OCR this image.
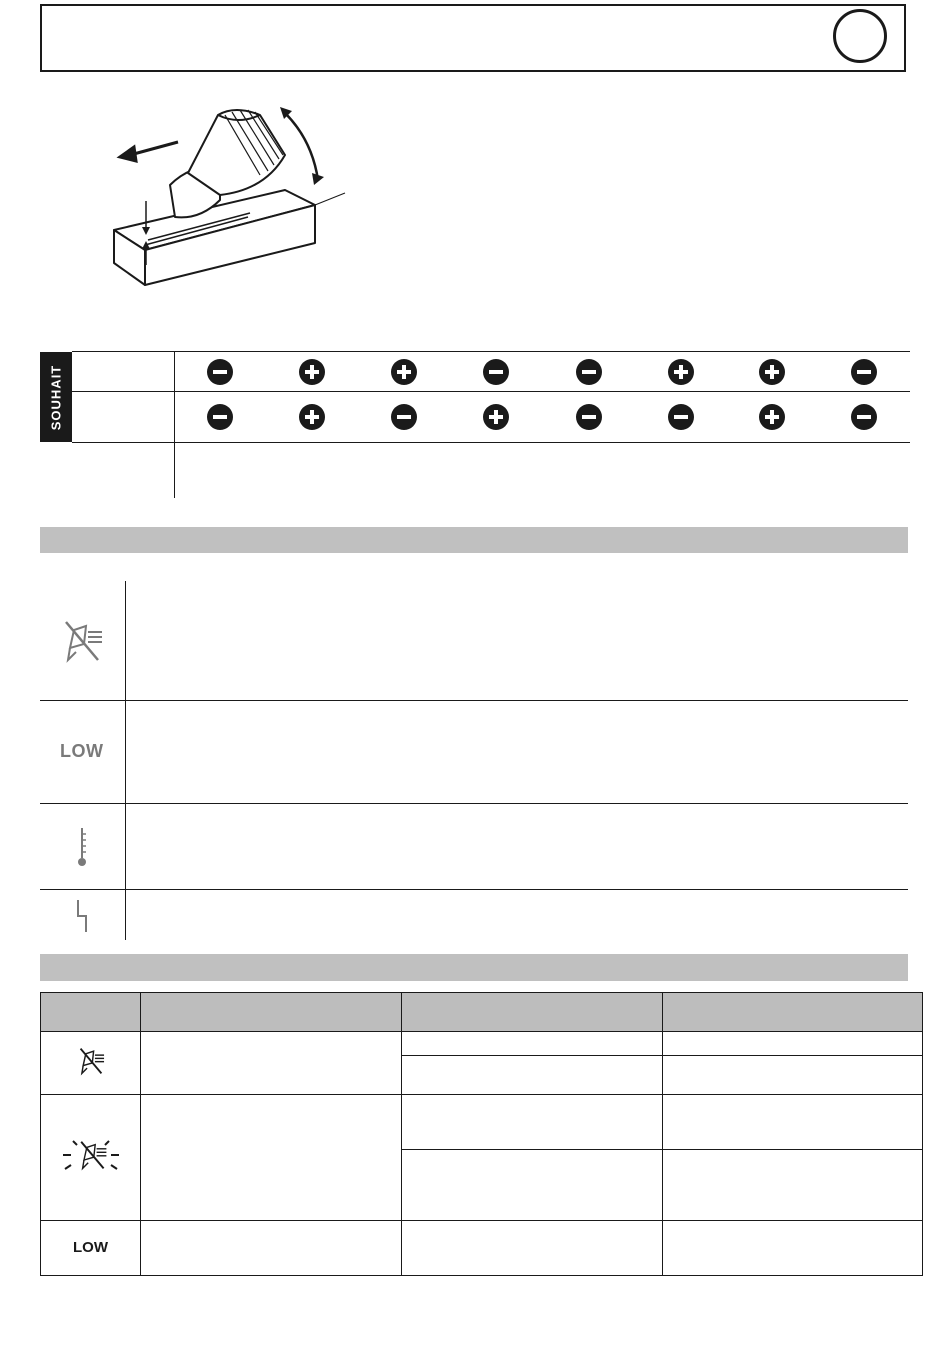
SOUHAIT
LOW

LOW			
